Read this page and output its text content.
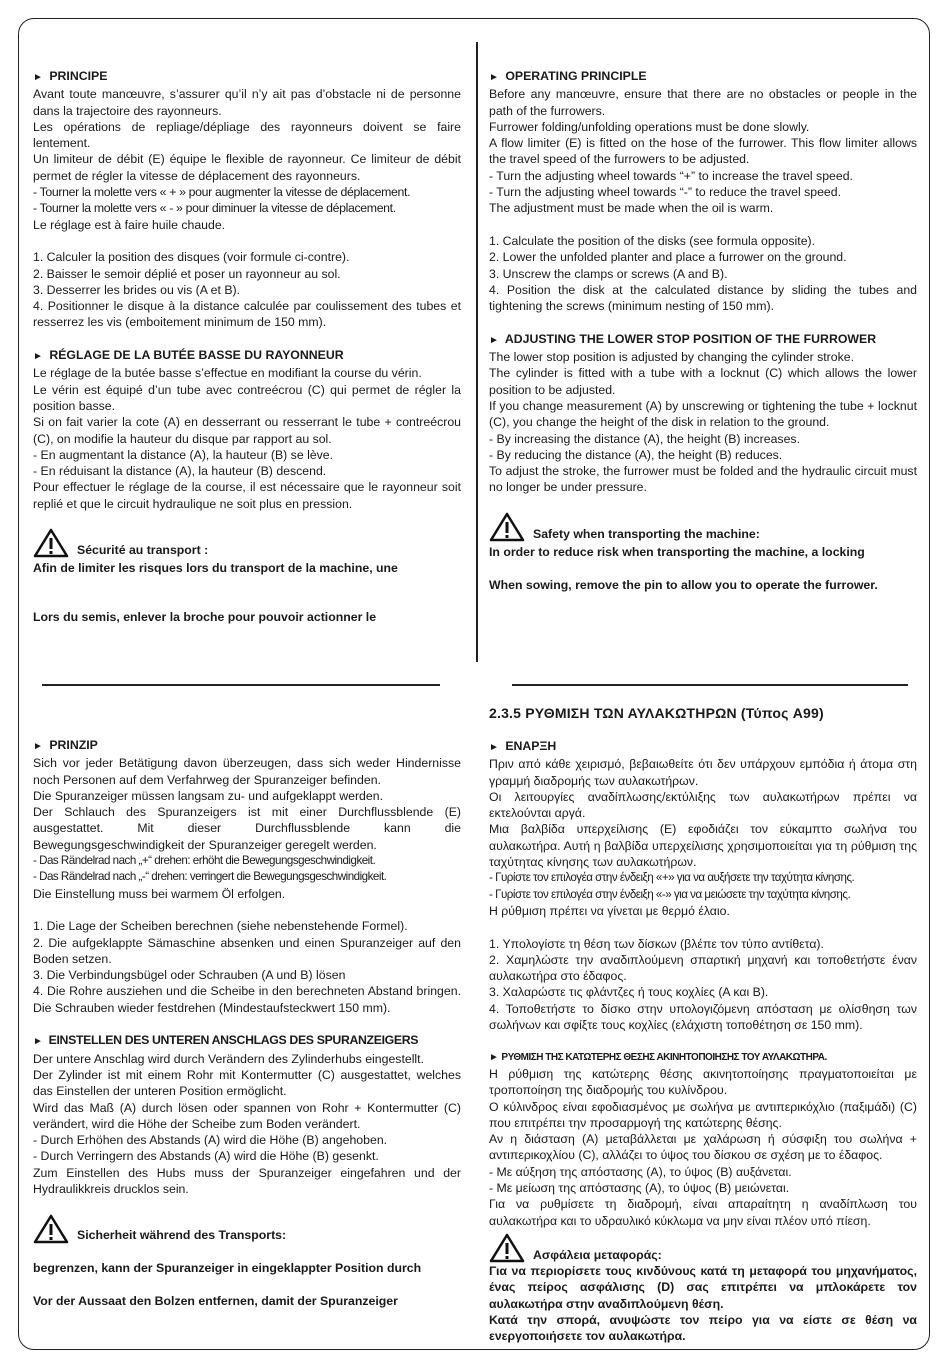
► PRINCIPE

Avant toute manœuvre, s’assurer qu’il n’y ait pas d’obstacle ni de personne dans la trajectoire des rayonneurs.

Les opérations de repliage/dépliage des rayonneurs doivent se faire lentement.

Un limiteur de débit (E) équipe le flexible de rayonneur. Ce limiteur de débit permet de régler la vitesse de déplacement des rayonneurs.

- Tourner la molette vers « + » pour augmenter la vitesse de déplacement.

- Tourner la molette vers « - » pour diminuer la vitesse de déplacement.

Le réglage est à faire huile chaude.

1. Calculer la position des disques (voir formule ci-contre).

2. Baisser le semoir déplié et poser un rayonneur au sol.

3. Desserrer les brides ou vis (A et B).

4. Positionner le disque à la distance calculée par coulissement des tubes et resserrez les vis (emboitement minimum de 150 mm).

► RÉGLAGE DE LA BUTÉE BASSE DU RAYONNEUR

Le réglage de la butée basse s’effectue en modifiant la course du vérin.

Le vérin est équipé d’un tube avec contreécrou (C) qui permet de régler la position basse.

Si on fait varier la cote (A) en desserrant ou resserrant le tube + contreécrou (C), on modifie la hauteur du disque par rapport au sol.

- En augmentant la distance (A), la hauteur (B) se lève.

- En réduisant la distance (A), la hauteur (B) descend.

Pour effectuer le réglage de la course, il est nécessaire que le rayonneur soit replié et que le circuit hydraulique ne soit plus en pression.

Sécurité au transport :

Afin de limiter les risques lors du transport de la machine, une

Lors du semis, enlever la broche pour pouvoir actionner le

► OPERATING PRINCIPLE

Before any manœuvre, ensure that there are no obstacles or people in the path of the furrowers.

Furrower folding/unfolding operations must be done slowly.

A flow limiter (E) is fitted on the hose of the furrower. This flow limiter allows the travel speed of the furrowers to be adjusted.

- Turn the adjusting wheel towards “+” to increase the travel speed.

- Turn the adjusting wheel towards “-” to reduce the travel speed.

The adjustment must be made when the oil is warm.

1. Calculate the position of the disks (see formula opposite).

2. Lower the unfolded planter and place a furrower on the ground.

3. Unscrew the clamps or screws (A and B).

4. Position the disk at the calculated distance by sliding the tubes and tightening the screws (minimum nesting of 150 mm).

► ADJUSTING THE LOWER STOP POSITION OF THE FURROWER

The lower stop position is adjusted by changing the cylinder stroke.

The cylinder is fitted with a tube with a locknut (C) which allows the lower position to be adjusted.

If you change measurement (A) by unscrewing or tightening the tube + locknut (C), you change the height of the disk in relation to the ground.

- By increasing the distance (A), the height (B) increases.

- By reducing the distance (A), the height (B) reduces.

To adjust the stroke, the furrower must be folded and the hydraulic circuit must no longer be under pressure.

Safety when transporting the machine:

In order to reduce risk when transporting the machine, a locking

When sowing, remove the pin to allow you to operate the furrower.

► PRINZIP

Sich vor jeder Betätigung davon überzeugen, dass sich weder Hindernisse noch Personen auf dem Verfahrweg der Spuranzeiger befinden.

Die Spuranzeiger müssen langsam zu- und aufgeklappt werden.

Der Schlauch des Spuranzeigers ist mit einer Durchflussblende (E) ausgestattet. Mit dieser Durchflussblende kann die Bewegungsgeschwindigkeit der Spuranzeiger geregelt werden.

- Das Rändelrad nach „+“ drehen: erhöht die Bewegungsgeschwindigkeit.

- Das Rändelrad nach „-“ drehen: verringert die Bewegungsgeschwindigkeit.

Die Einstellung muss bei warmem Öl erfolgen.

1. Die Lage der Scheiben berechnen (siehe nebenstehende Formel).

2. Die aufgeklappte Sämaschine absenken und einen Spuranzeiger auf den Boden setzen.

3. Die Verbindungsbügel oder Schrauben (A und B) lösen

4. Die Rohre ausziehen und die Scheibe in den berechneten Abstand bringen. Die Schrauben wieder festdrehen (Mindestaufsteckwert 150 mm).

► EINSTELLEN DES UNTEREN ANSCHLAGS DES SPURANZEIGERS

Der untere Anschlag wird durch Verändern des Zylinderhubs eingestellt.

Der Zylinder ist mit einem Rohr mit Kontermutter (C) ausgestattet, welches das Einstellen der unteren Position ermöglicht.

Wird das Maß (A) durch lösen oder spannen von Rohr + Kontermutter (C) verändert, wird die Höhe der Scheibe zum Boden verändert.

- Durch Erhöhen des Abstands (A) wird die Höhe (B) angehoben.

- Durch Verringern des Abstands (A) wird die Höhe (B) gesenkt.

Zum Einstellen des Hubs muss der Spuranzeiger eingefahren und der Hydraulikkreis drucklos sein.

Sicherheit während des Transports:

begrenzen, kann der Spuranzeiger in eingeklappter Position durch

Vor der Aussaat den Bolzen entfernen, damit der Spuranzeiger

2.3.5 ΡΥΘΜΙΣΗ ΤΩΝ ΑΥΛΑΚΩΤΗΡΩΝ (Τύπος A99)

► ΕΝΑΡΞΗ

Πριν από κάθε χειρισμό, βεβαιωθείτε ότι δεν υπάρχουν εμπόδια ή άτομα στη γραμμή διαδρομής των αυλακωτήρων.

Οι λειτουργίες αναδίπλωσης/εκτύλιξης των αυλακωτήρων πρέπει να εκτελούνται αργά.

Μια βαλβίδα υπερχείλισης (E) εφοδιάζει τον εύκαμπτο σωλήνα του αυλακωτήρα. Αυτή η βαλβίδα υπερχείλισης χρησιμοποιείται για τη ρύθμιση της ταχύτητας κίνησης των αυλακωτήρων.

- Γυρίστε τον επιλογέα στην ένδειξη «+» για να αυξήσετε την ταχύτητα κίνησης.

- Γυρίστε τον επιλογέα στην ένδειξη «-» για να μειώσετε την ταχύτητα κίνησης.

Η ρύθμιση πρέπει να γίνεται με θερμό έλαιο.

1. Υπολογίστε τη θέση των δίσκων (βλέπε τον τύπο αντίθετα).

2. Χαμηλώστε την αναδιπλούμενη σπαρτική μηχανή και τοποθετήστε έναν αυλακωτήρα στο έδαφος.

3. Χαλαρώστε τις φλάντζες ή τους κοχλίες (A και B).

4. Τοποθετήστε το δίσκο στην υπολογιζόμενη απόσταση με ολίσθηση των σωλήνων και σφίξτε τους κοχλίες (ελάχιστη τοποθέτηση σε 150 mm).

► ΡΥΘΜΙΣΗ ΤΗΣ ΚΑΤΩΤΕΡΗΣ ΘΕΣΗΣ ΑΚΙΝΗΤΟΠΟΙΗΣΗΣ ΤΟΥ ΑΥΛΑΚΩΤΗΡΑ.

Η ρύθμιση της κατώτερης θέσης ακινητοποίησης πραγματοποιείται με τροποποίηση της διαδρομής του κυλίνδρου.

Ο κύλινδρος είναι εφοδιασμένος με σωλήνα με αντιπερικόχλιο (παξιμάδι) (C) που επιτρέπει την προσαρμογή της κατώτερης θέσης.

Αν η διάσταση (A) μεταβάλλεται με χαλάρωση ή σύσφιξη του σωλήνα + αντιπερικοχλίου (C), αλλάζει το ύψος του δίσκου σε σχέση με το έδαφος.

- Με αύξηση της απόστασης (A), το ύψος (B) αυξάνεται.

- Με μείωση της απόστασης (A), το ύψος (B) μειώνεται.

Για να ρυθμίσετε τη διαδρομή, είναι απαραίτητη η αναδίπλωση του αυλακωτήρα και το υδραυλικό κύκλωμα να μην είναι πλέον υπό πίεση.

Ασφάλεια μεταφοράς:

Για να περιορίσετε τους κινδύνους κατά τη μεταφορά του μηχανήματος, ένας πείρος ασφάλισης (D) σας επιτρέπει να μπλοκάρετε τον αυλακωτήρα στην αναδιπλούμενη θέση.

Κατά την σπορά, ανυψώστε τον πείρο για να είστε σε θέση να ενεργοποιήσετε τον αυλακωτήρα.
